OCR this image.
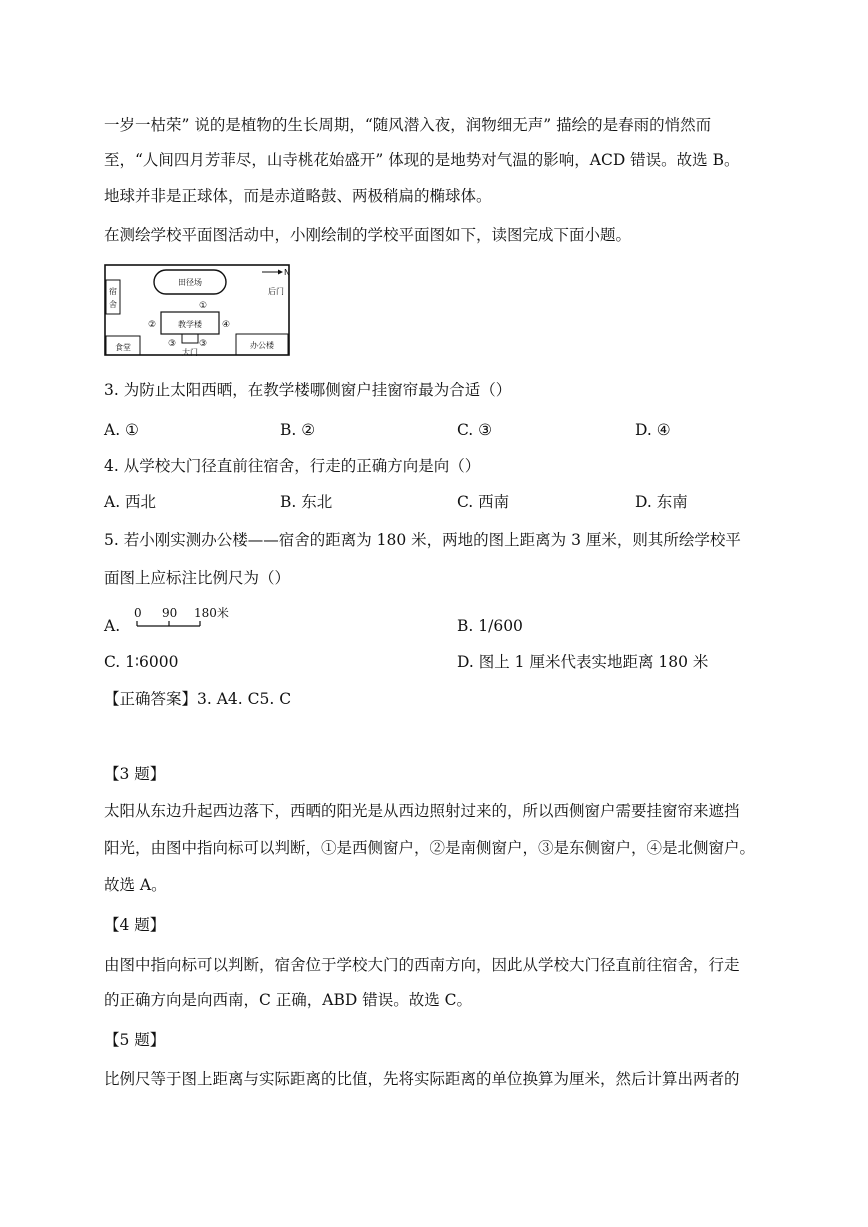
一岁一枯荣” 说的是植物的生长周期，“随风潜入夜，润物细无声” 描绘的是春雨的悄然而
至，“人间四月芳菲尽，山寺桃花始盛开” 体现的是地势对气温的影响，ACD 错误。故选 B。
地球并非是正球体，而是赤道略鼓、两极稍扁的椭球体。
在测绘学校平面图活动中，小刚绘制的学校平面图如下，读图完成下面小题。
宿
舍
田径场
N
后门
①
教学楼
②	④
③	③
食堂	办公楼
大门
3. 为防止太阳西晒，在教学楼哪侧窗户挂窗帘最为合适（）
A. ①	B. ②	C. ③	D. ④
4. 从学校大门径直前往宿舍，行走的正确方向是向（）
A. 西北	B. 东北	C. 西南	D. 东南
5. 若小刚实测办公楼——宿舍的距离为 180 米，两地的图上距离为 3 厘米，则其所绘学校平
面图上应标注比例尺为（）
A.
0 90 180米
B. 1/600
C. 1∶6000	D. 图上 1 厘米代表实地距离 180 米
【正确答案】3. A4. C5. C
【3 题】
太阳从东边升起西边落下，西晒的阳光是从西边照射过来的，所以西侧窗户需要挂窗帘来遮挡
阳光，由图中指向标可以判断，①是西侧窗户，②是南侧窗户，③是东侧窗户，④是北侧窗户。
故选 A。
【4 题】
由图中指向标可以判断，宿舍位于学校大门的西南方向，因此从学校大门径直前往宿舍，行走
的正确方向是向西南，C 正确，ABD 错误。故选 C。
【5 题】
比例尺等于图上距离与实际距离的比值，先将实际距离的单位换算为厘米，然后计算出两者的
